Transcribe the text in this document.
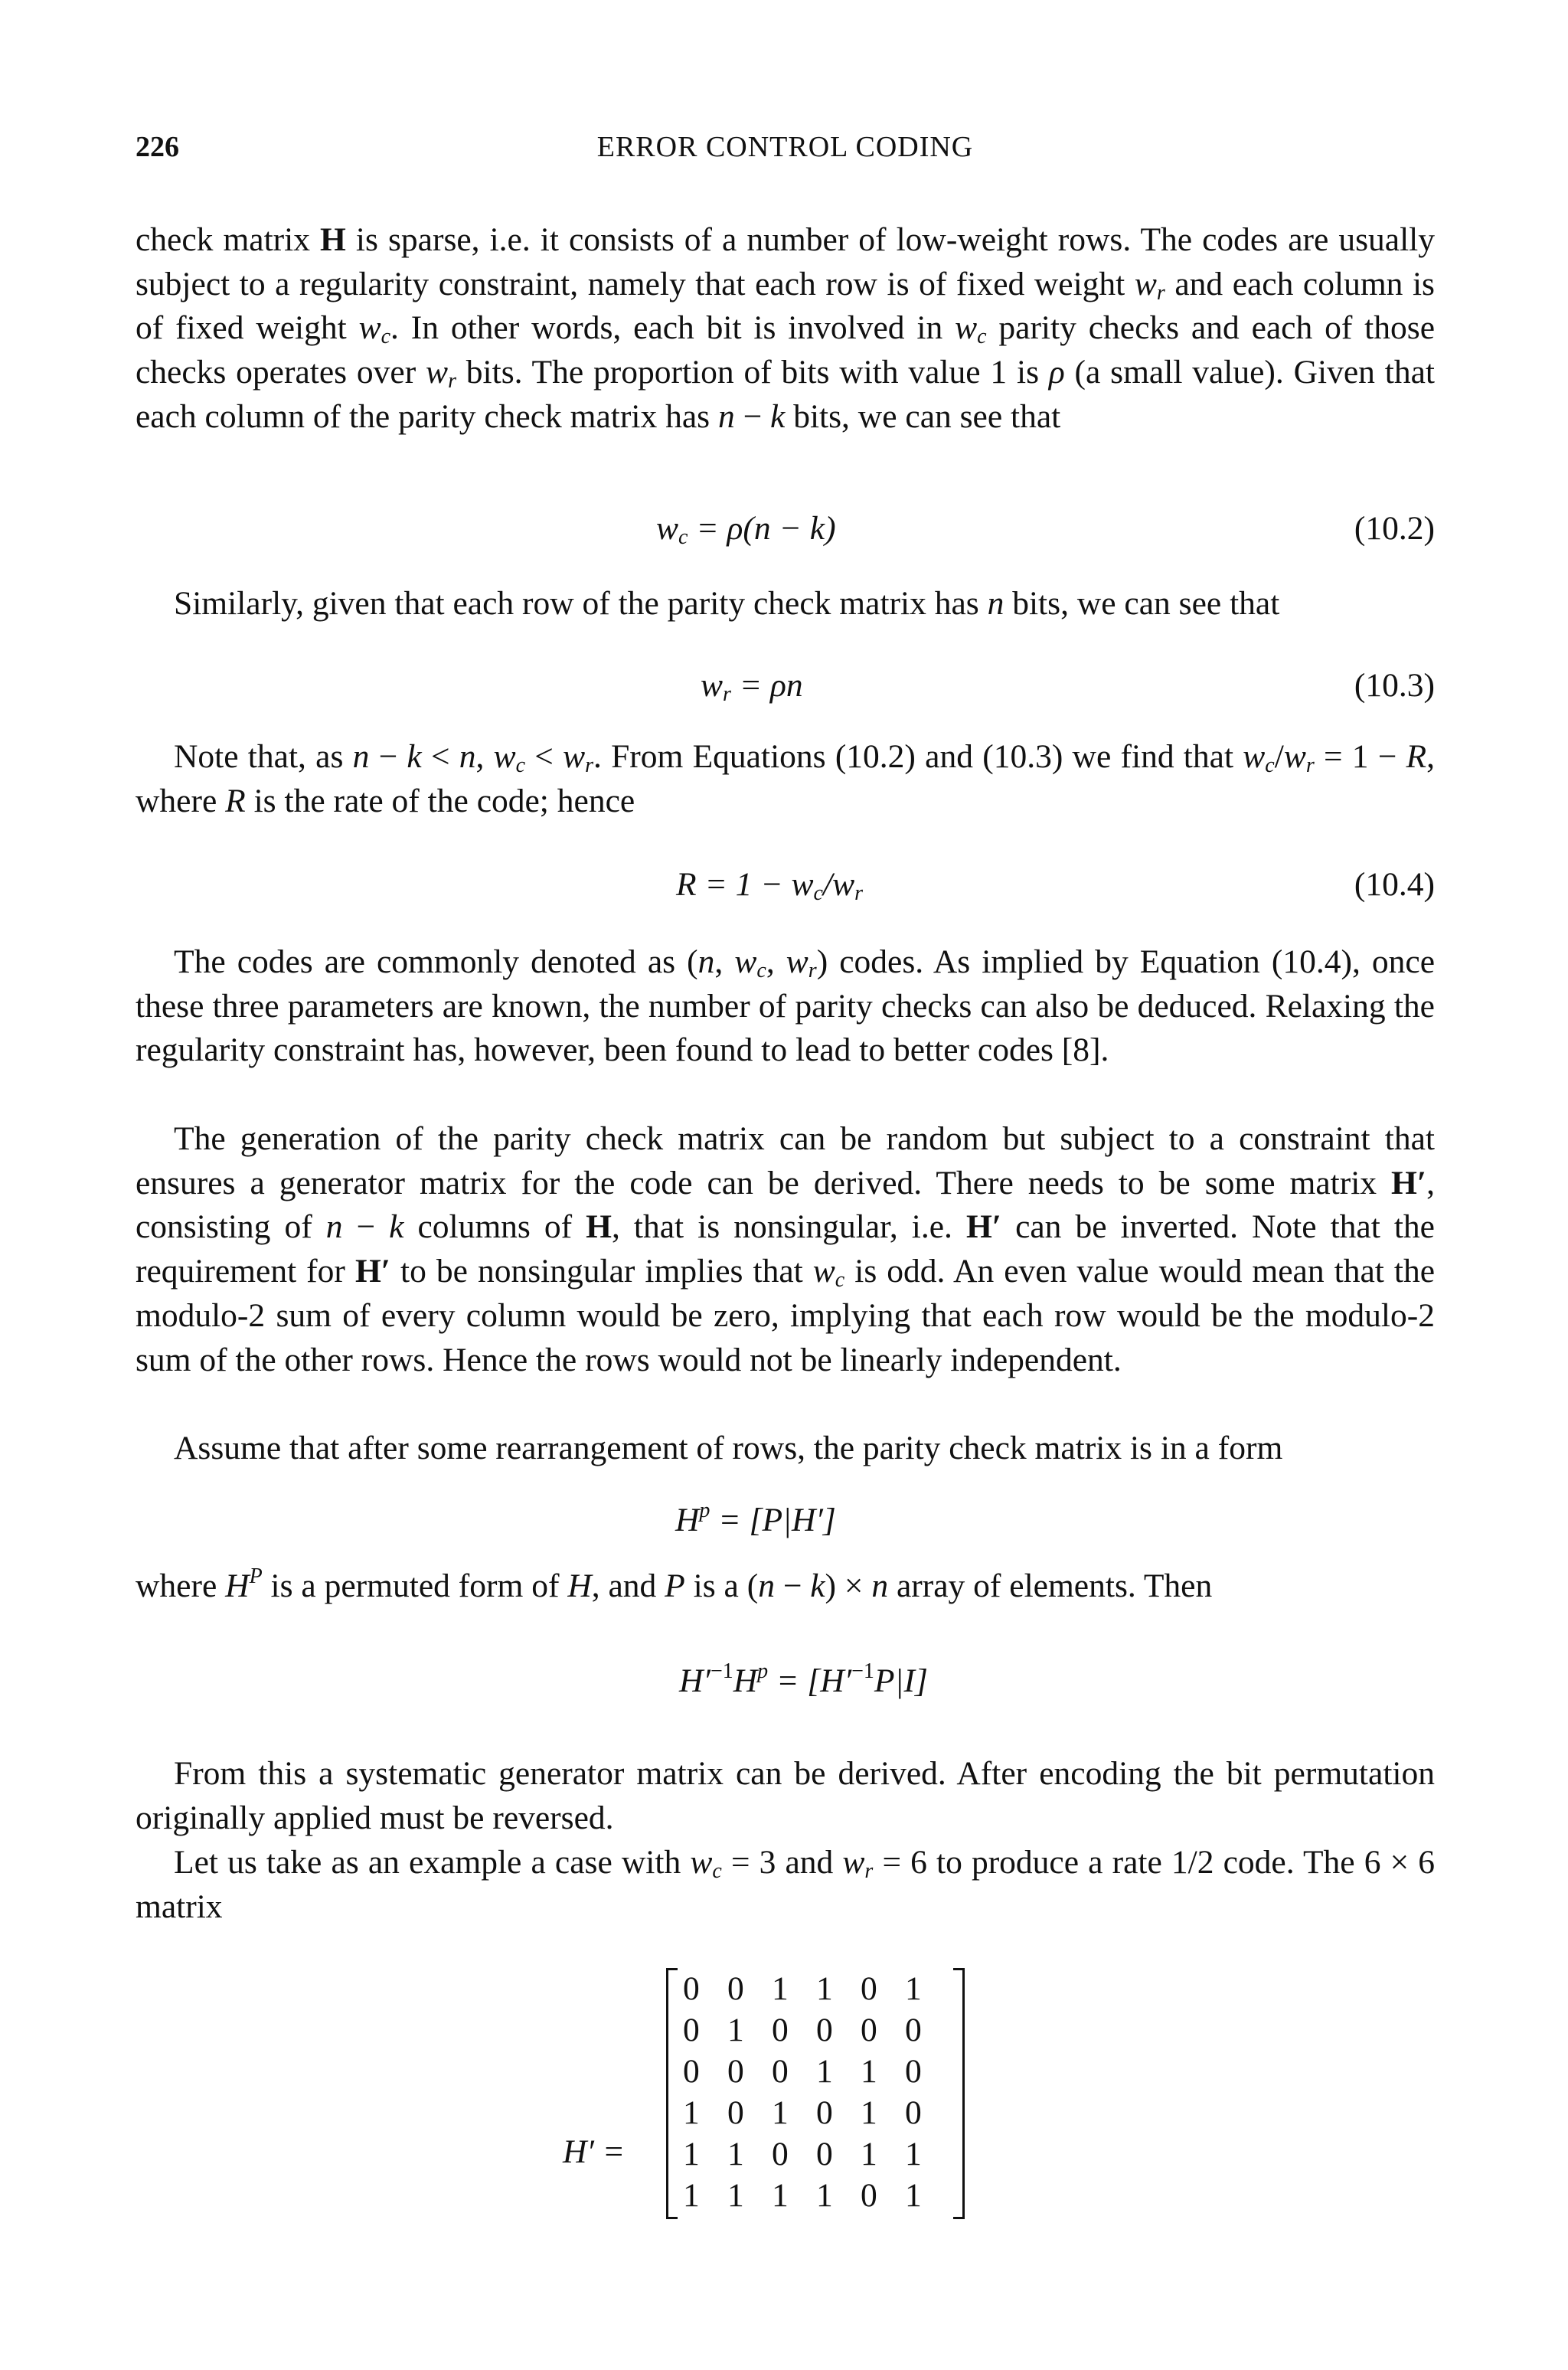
226	ERROR CONTROL CODING
check matrix H is sparse, i.e. it consists of a number of low-weight rows. The codes are usually subject to a regularity constraint, namely that each row is of fixed weight $w_r$ and each column is of fixed weight $w_c$. In other words, each bit is involved in $w_c$ parity checks and each of those checks operates over $w_r$ bits. The proportion of bits with value 1 is ρ (a small value). Given that each column of the parity check matrix has n − k bits, we can see that
$w_c = \rho(n - k)$	(10.2)
Similarly, given that each row of the parity check matrix has n bits, we can see that
$w_r = \rho n$	(10.3)
Note that, as n − k < n, $w_c < w_r$. From Equations (10.2) and (10.3) we find that $w_c/w_r = 1 - R$, where R is the rate of the code; hence
$R = 1 - w_c/w_r$	(10.4)
The codes are commonly denoted as (n, $w_c$, $w_r$) codes. As implied by Equation (10.4), once these three parameters are known, the number of parity checks can also be deduced. Relaxing the regularity constraint has, however, been found to lead to better codes [8].
The generation of the parity check matrix can be random but subject to a constraint that ensures a generator matrix for the code can be derived. There needs to be some matrix H′, consisting of n − k columns of H, that is nonsingular, i.e. H′ can be inverted. Note that the requirement for H′ to be nonsingular implies that $w_c$ is odd. An even value would mean that the modulo-2 sum of every column would be zero, implying that each row would be the modulo-2 sum of the other rows. Hence the rows would not be linearly independent.
Assume that after some rearrangement of rows, the parity check matrix is in a form
$H^p = [P|H']$
where $H^P$ is a permuted form of H, and P is a (n − k) × n array of elements. Then
$H'^{-1}H^p = [H'^{-1}P|I]$
From this a systematic generator matrix can be derived. After encoding the bit permutation originally applied must be reversed.
Let us take as an example a case with $w_c = 3$ and $w_r = 6$ to produce a rate 1/2 code. The 6 × 6 matrix
H′ =
0 0 1 1 0 1
0 1 0 0 0 0
0 0 0 1 1 0
1 0 1 0 1 0
1 1 0 0 1 1
1 1 1 1 0 1
